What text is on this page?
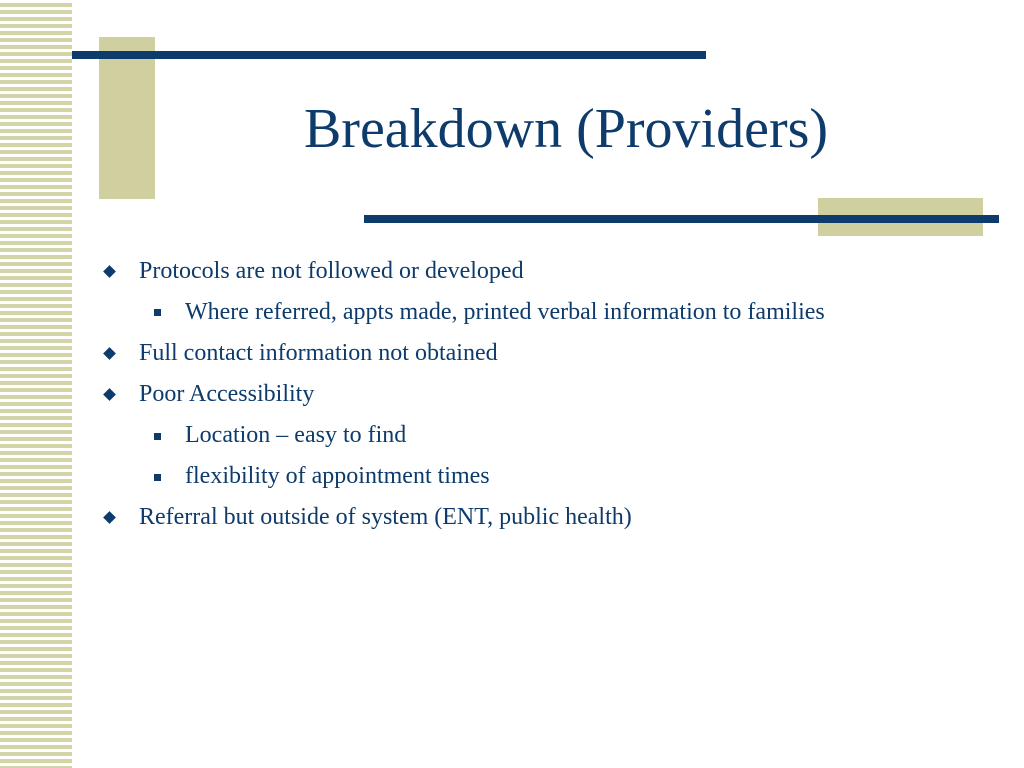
Breakdown (Providers)
Protocols are not followed or developed
Where referred, appts made, printed verbal information to families
Full contact information not obtained
Poor Accessibility
Location – easy to find
flexibility of appointment times
Referral but outside of system (ENT, public health)
